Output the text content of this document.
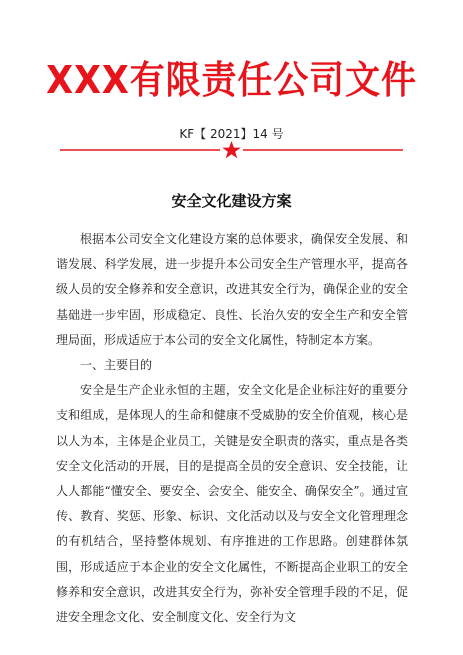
XXX有限责任公司文件
KF【 2021】14 号
安全文化建设方案

根据本公司安全文化建设方案的总体要求，确保安全发展、和谐发展、科学发展，进一步提升本公司安全生产管理水平，提高各级人员的安全修养和安全意识，改进其安全行为，确保企业的安全基础进一步牢固，形成稳定、良性、长治久安的安全生产和安全管理局面，形成适应于本公司的安全文化属性，特制定本方案。

一、主要目的

安全是生产企业永恒的主题，安全文化是企业标注好的重要分支和组成，是体现人的生命和健康不受威胁的安全价值观，核心是以人为本，主体是企业员工，关键是安全职责的落实，重点是各类安全文化活动的开展，目的是提高全员的安全意识、安全技能，让人人都能“懂安全、要安全、会安全、能安全、确保安全”。通过宣传、教育、奖惩、形象、标识、文化活动以及与安全文化管理理念的有机结合，坚持整体规划、有序推进的工作思路。创建群体氛围，形成适应于本企业的安全文化属性，不断提高企业职工的安全修养和安全意识，改进其安全行为，弥补安全管理手段的不足，促进安全理念文化、安全制度文化、安全行为文
